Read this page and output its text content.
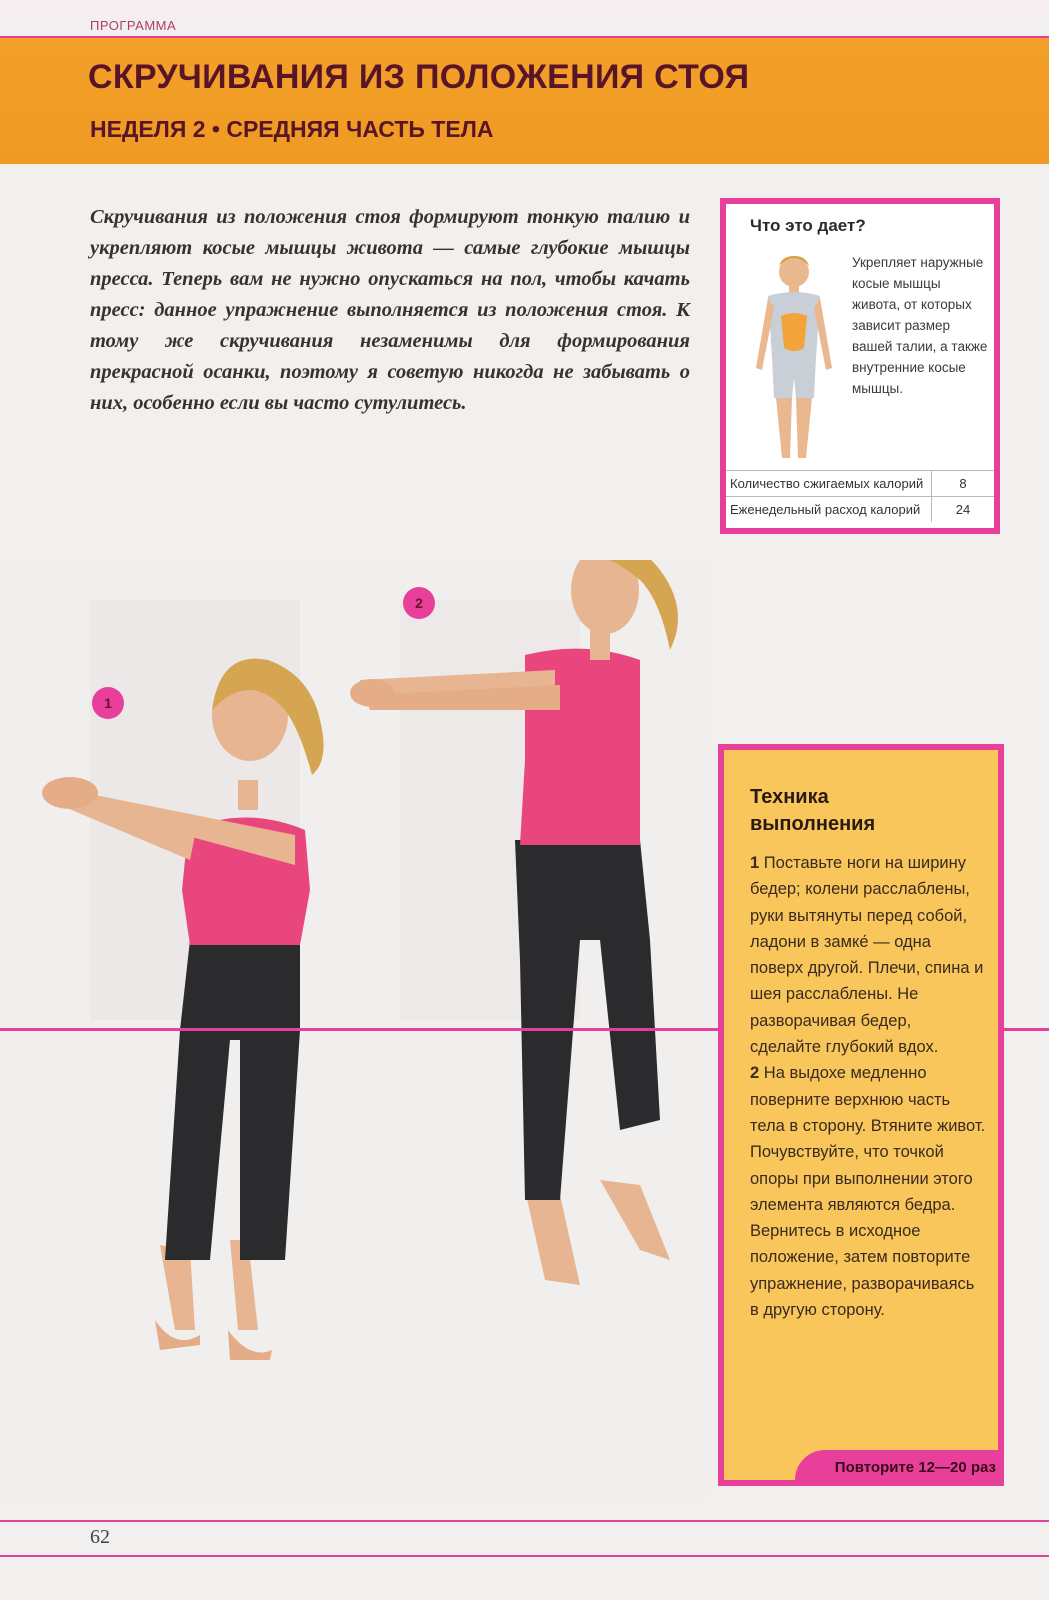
ПРОГРАММА
СКРУЧИВАНИЯ ИЗ ПОЛОЖЕНИЯ СТОЯ
НЕДЕЛЯ 2 • СРЕДНЯЯ ЧАСТЬ ТЕЛА
Скручивания из положения стоя формируют тонкую талию и укрепляют косые мышцы живота — самые глубокие мышцы пресса. Теперь вам не нужно опускаться на пол, чтобы качать пресс: данное упражнение выполняется из положения стоя. К тому же скручивания незаменимы для формирования прекрасной осанки, поэтому я советую никогда не забывать о них, особенно если вы часто сутулитесь.
Что это дает?
Укрепляет наружные косые мышцы живота, от которых зависит размер вашей талии, а также внутренние косые мышцы.
Количество сжигаемых калорий	8
Еженедельный расход калорий	24
2
1
Техника выполнения
1 Поставьте ноги на ширину бедер; колени расслаблены, руки вытянуты перед собой, ладони в замке́ — одна поверх другой. Плечи, спина и шея расслаблены. Не разворачивая бедер, сделайте глубокий вдох.
2 На выдохе медленно поверните верхнюю часть тела в сторону. Втяните живот. Почувствуйте, что точкой опоры при выполнении этого элемента являются бедра. Вернитесь в исходное положение, затем повторите упражнение, разворачиваясь в другую сторону.
Повторите 12—20 раз
62
